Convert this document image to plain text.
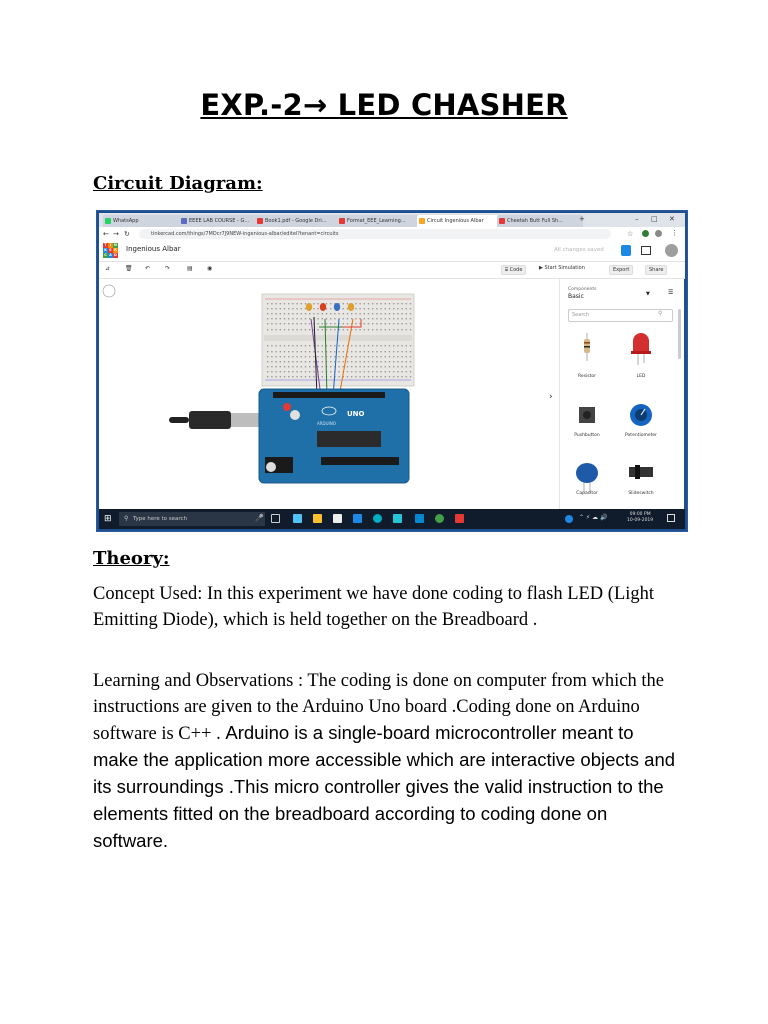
EXP.-2→ LED CHASHER
Circuit Diagram:
WhatsApp	EEEE LAB COURSE - G...	Book1.pdf - Google Dri...	Format_EEE_Learning...	Circuit Ingenious Albar	Cheetah Butt Full Sh...	+	– □ ✕
← → ↻	tinkercad.com/things/7MDcr7J9NEW-ingenious-albar/editel?tenant=circuits	☆	⋮
T I N
K E R
C A D
Ingenious Albar	All changes saved
⊿ 🗑 ↶ ↷	▤ ◉	⌸ Code	▶ Start Simulation	Export	Share
UNO
ARDUINO
›
Components
Basic	▼	☰
Search	⚲
Resistor	LED
Pushbutton	Potentiometer
Capacitor	Slideswitch
⊞	Type here to search
⚲	🎤	⌃ ⚡ ☁ 🔊	09:00 PM
10-09-2019
Theory:
Concept Used: In this experiment we have done coding to flash LED (Light Emitting Diode), which is held together on the Breadboard .
Learning and Observations : The coding is done on computer from which the instructions are given to the Arduino Uno board .Coding done on Arduino software is C++ . Arduino is a single-board microcontroller meant to make the application more accessible which are interactive objects and its surroundings .This micro controller gives the valid instruction to the elements fitted on the breadboard according to coding done on software.
